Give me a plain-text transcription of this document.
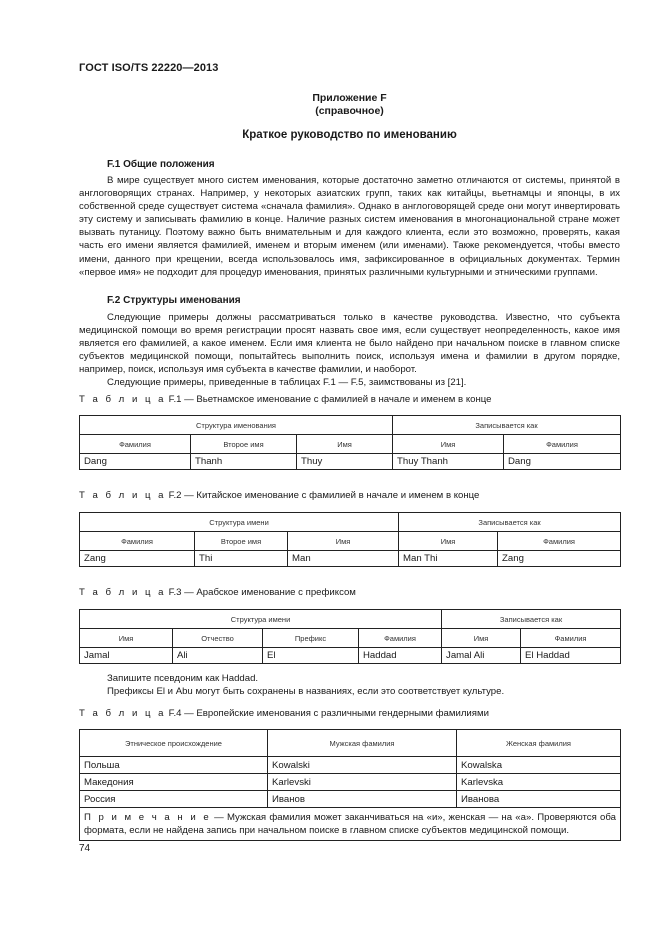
ГОСТ ISO/TS 22220—2013
Приложение F
(справочное)
Краткое руководство по именованию
F.1 Общие положения

В мире существует много систем именования, которые достаточно заметно отличаются от системы, принятой в англоговорящих странах. Например, у некоторых азиатских групп, таких как китайцы, вьетнамцы и японцы, в их собственной среде существует система «сначала фамилия». Однако в англоговорящей среде они могут инвертировать эту систему и записывать фамилию в конце. Наличие разных систем именования в многонациональной стране может вызвать путаницу. Поэтому важно быть внимательным и для каждого клиента, если это возможно, проверять, какая часть его имени является фамилией, именем и вторым именем (или именами). Также рекомендуется, чтобы вместо имени, данного при крещении, всегда использовалось имя, зафиксированное в официальных документах. Термин «первое имя» не подходит для процедур именования, принятых различными культурными и этническими группами.

F.2 Структуры именования

Следующие примеры должны рассматриваться только в качестве руководства. Известно, что субъекта медицинской помощи во время регистрации просят назвать свое имя, если существует неопределенность, какое имя является его фамилией, а какое именем. Если имя клиента не было найдено при начальном поиске в главном списке субъектов медицинской помощи, попытайтесь выполнить поиск, используя имена и фамилии в другом порядке, например, поиск, используя имя субъекта в качестве фамилии, и наоборот.

Следующие примеры, приведенные в таблицах F.1 — F.5, заимствованы из [21].

Т а б л и ц а F.1 — Вьетнамское именование с фамилией в начале и именем в конце
Структура именования			Записывается как	
Фамилия	Второе имя	Имя	Имя	Фамилия
Dang	Thanh	Thuy	Thuy Thanh	Dang
Т а б л и ц а F.2 — Китайское именование с фамилией в начале и именем в конце
Структура имени			Записывается как	
Фамилия	Второе имя	Имя	Имя	Фамилия
Zang	Thi	Man	Man Thi	Zang
Т а б л и ц а F.3 — Арабское именование с префиксом
Структура имени				Записывается как	
Имя	Отчество	Префикс	Фамилия	Имя	Фамилия
Jamal	Ali	El	Haddad	Jamal Ali	El Haddad
Запишите псевдоним как Haddad.
Префиксы El и Abu могут быть сохранены в названиях, если это соответствует культуре.
Т а б л и ц а F.4 — Европейские именования с различными гендерными фамилиями
Этническое происхождение	Мужская фамилия	Женская фамилия
Польша	Kowalski	Kowalska
Македония	Karlevski	Karlevska
Россия	Иванов	Иванова
П р и м е ч а н и е — Мужская фамилия может заканчиваться на «и», женская — на «а». Проверяются оба формата, если не найдена запись при начальном поиске в главном списке субъектов медицинской помощи.		
74
